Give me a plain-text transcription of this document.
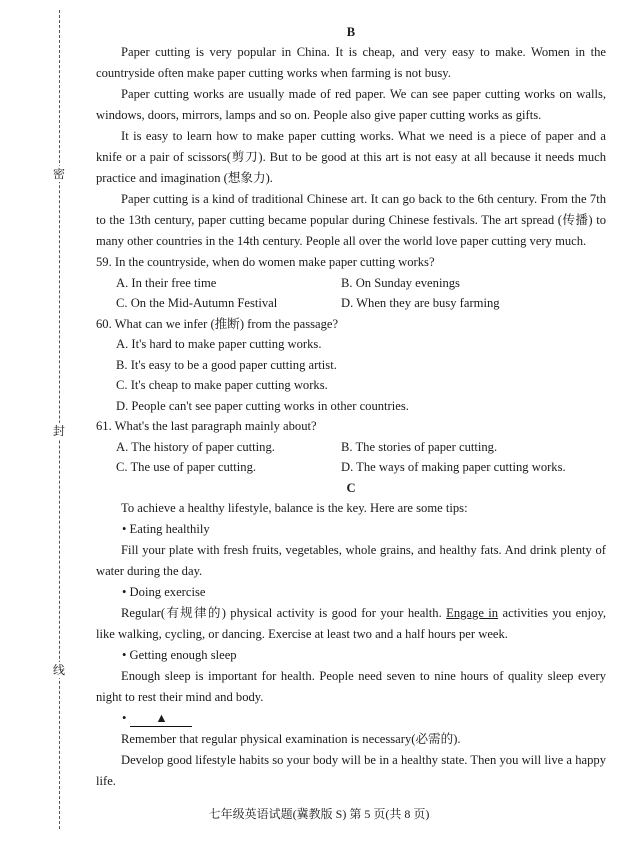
密
封
线
B

Paper cutting is very popular in China. It is cheap, and very easy to make. Women in the countryside often make paper cutting works when farming is not busy.

Paper cutting works are usually made of red paper. We can see paper cutting works on walls, windows, doors, mirrors, lamps and so on. People also give paper cutting works as gifts.

It is easy to learn how to make paper cutting works. What we need is a piece of paper and a knife or a pair of scissors(剪刀). But to be good at this art is not easy at all because it needs much practice and imagination (想象力).

Paper cutting is a kind of traditional Chinese art. It can go back to the 6th century. From the 7th to the 13th century, paper cutting became popular during Chinese festivals. The art spread (传播) to many other countries in the 14th century. People all over the world love paper cutting very much.

59. In the countryside, when do women make paper cutting works?
A. In their free time	B. On Sunday evenings
C. On the Mid-Autumn Festival	D. When they are busy farming
60. What can we infer (推断) from the passage?
A. It's hard to make paper cutting works.
B. It's easy to be a good paper cutting artist.
C. It's cheap to make paper cutting works.
D. People can't see paper cutting works in other countries.
61. What's the last paragraph mainly about?
A. The history of paper cutting.	B. The stories of paper cutting.
C. The use of paper cutting.	D. The ways of making paper cutting works.
C

To achieve a healthy lifestyle, balance is the key. Here are some tips:

• Eating healthily

Fill your plate with fresh fruits, vegetables, whole grains, and healthy fats. And drink plenty of water during the day.

• Doing exercise

Regular(有规律的) physical activity is good for your health. Engage in activities you enjoy, like walking, cycling, or dancing. Exercise at least two and a half hours per week.

• Getting enough sleep

Enough sleep is important for health. People need seven to nine hours of quality sleep every night to rest their mind and body.

• ▲

Remember that regular physical examination is necessary(必需的).

Develop good lifestyle habits so your body will be in a healthy state. Then you will live a happy life.

七年级英语试题(冀教版 S) 第 5 页(共 8 页)
